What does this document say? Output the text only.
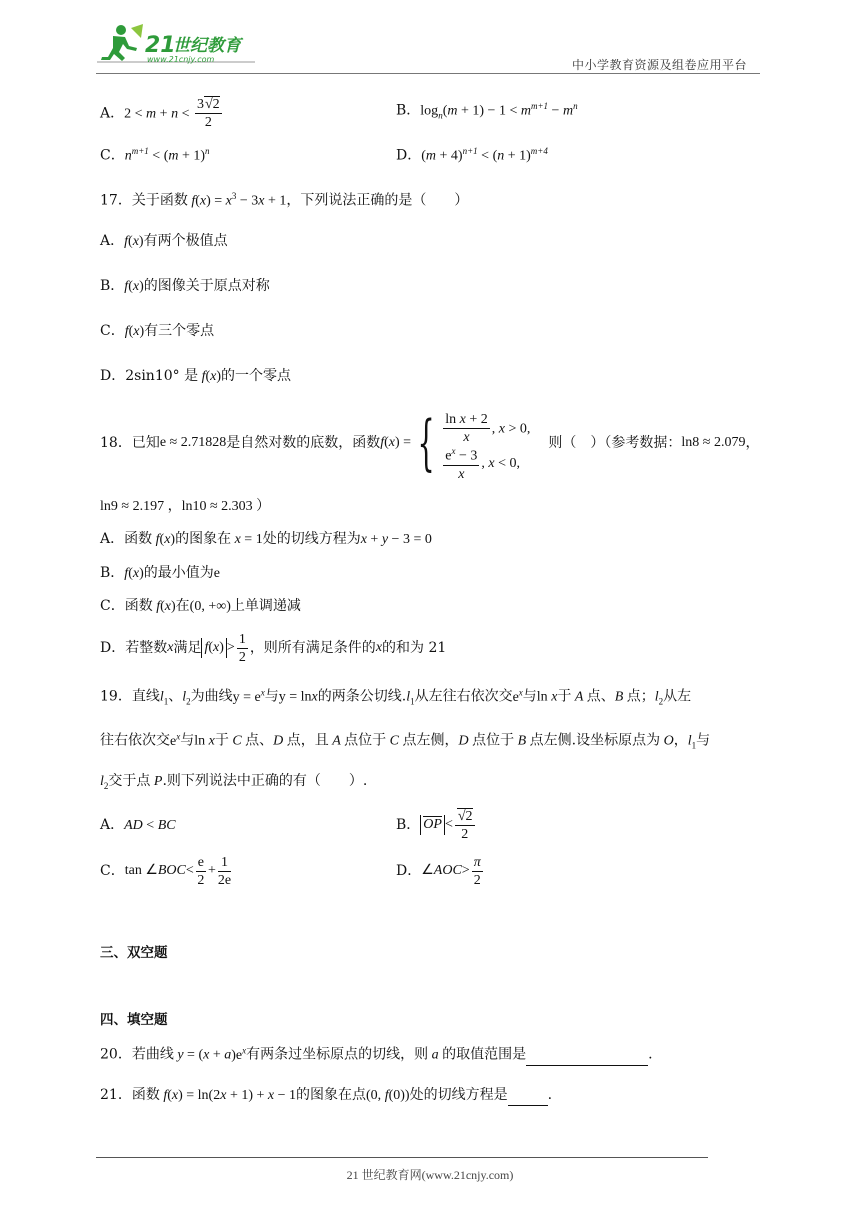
21
世纪教育
www.21cnjy.com	中小学教育资源及组卷应用平台
A．$2 < m + n < \frac{3√2}{2}$	B．$\log_n(m + 1) - 1 < m^{m+1} - m^n$
C．$n^{m+1} < (m + 1)^n$	D．$(m + 4)^{n+1} < (n + 1)^{m+4}$
17．关于函数 $f(x) = x^3 - 3x + 1$，下列说法正确的是（　　）
A．f(x)有两个极值点
B．f(x)的图像关于原点对称
C．f(x)有三个零点
D．2sin10° 是 f(x)的一个零点
18． 已知 e ≈ 2.71828 是自然对数的底数，函数 f ( x ) = { $\frac{\text{ln x + 2}}{x}$ , x > 0,
$\frac{e^x - 3}{x}$ , x < 0,
则（　）（参考数据： ln8 ≈ 2.079 ，
ln9 ≈ 2.197 ，ln10 ≈ 2.303 ）
A．函数 f(x)的图象在 x = 1处的切线方程为x + y − 3 = 0
B．f(x)的最小值为e
C．函数 f(x)在(0, +∞)上单调递减
D．若整数 x 满足 $f(x) > \frac{1}{2}$ ，则所有满足条件的 x 的和为 21
19．直线$l_1$、$l_2$为曲线$y = e^x$与y = lnx的两条公切线$.l_1$从左往右依次交$e^x$与ln x于 A 点、B 点；$l_2$从左
往右依次交$e^x$与ln x于 C 点、D 点，且 A 点位于 C 点左侧，D 点位于 B 点左侧.设坐标原点为 O，$l_1$与
$l_2$交于点 P.则下列说法中正确的有（　　）.
A．AD < BC	B． OP < $\frac{√2}{2}$
C． tan ∠ BOC < $\frac{e}{2} + \frac{1}{2e}$	D． ∠ AOC > $\frac{\pi}{2}$
三、双空题
四、填空题
20．若曲线 $y = (x + a)e^x$有两条过坐标原点的切线，则 a 的取值范围是	.
21．函数 f(x) = ln(2x + 1) + x − 1的图象在点(0, f(0))处的切线方程是	.
21 世纪教育网(www.21cnjy.com)
